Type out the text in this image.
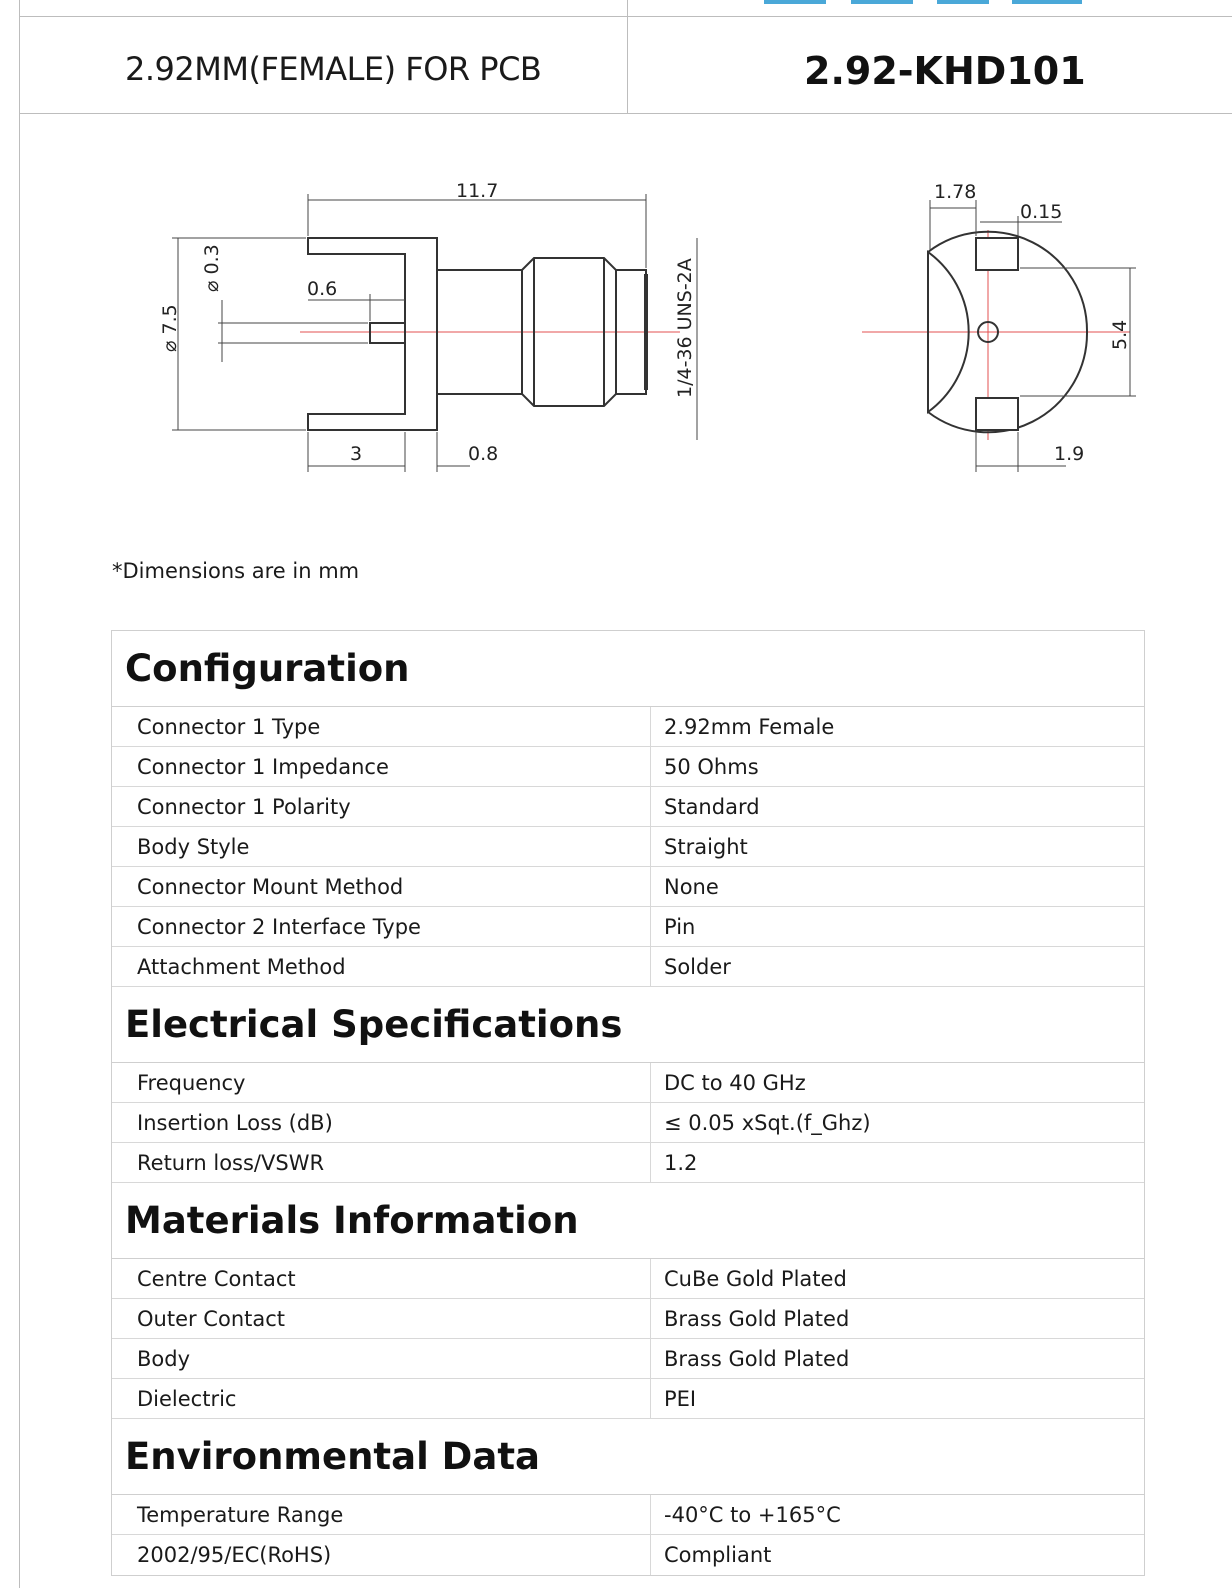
2.92MM(FEMALE) FOR PCB	2.92-KHD101
11.7
⌀ 7.5
⌀ 0.3	0.6
3	0.8
1/4-36 UNS-2A
1.78
0.15
5.4
1.9
*Dimensions are in mm
Configuration
Connector 1 Type	2.92mm Female
Connector 1 Impedance	50 Ohms
Connector 1 Polarity	Standard
Body Style	Straight
Connector Mount Method	None
Connector 2 Interface Type	Pin
Attachment Method	Solder
Electrical Specifications
Frequency	DC to 40 GHz
Insertion Loss (dB)	≤ 0.05 xSqt.(f_Ghz)
Return loss/VSWR	1.2
Materials Information
Centre Contact	CuBe Gold Plated
Outer Contact	Brass Gold Plated
Body	Brass Gold Plated
Dielectric	PEI
Environmental Data
Temperature Range	-40°C to +165°C
2002/95/EC(RoHS)	Compliant
